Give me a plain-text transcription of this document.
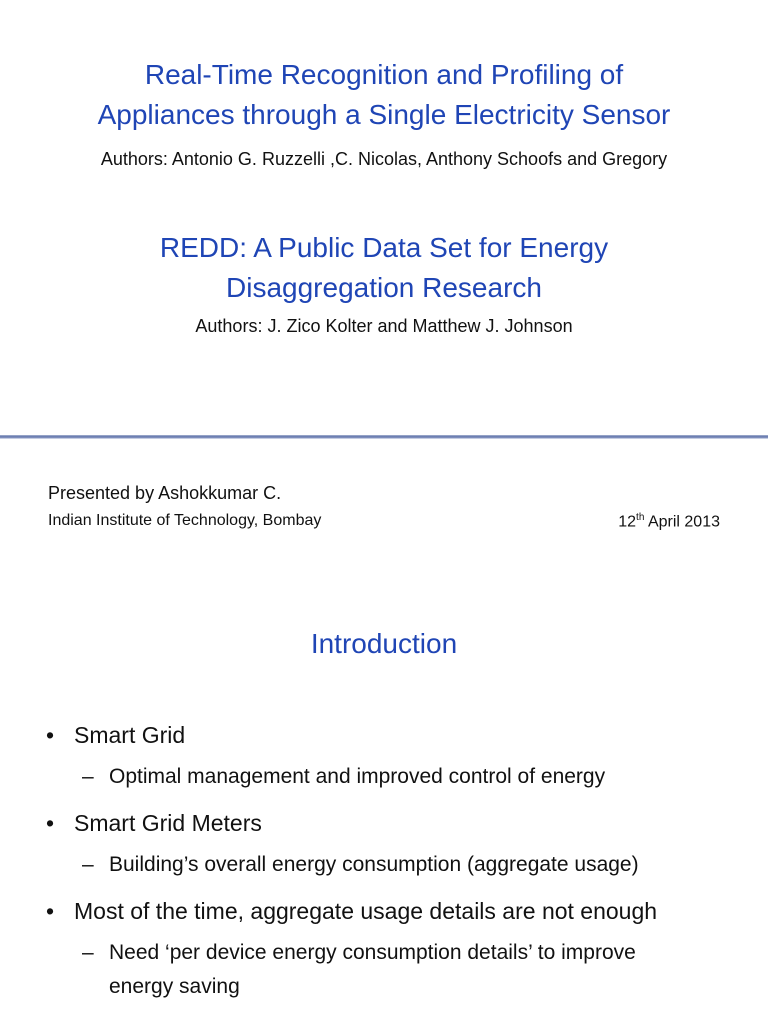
Real-Time Recognition and Profiling of
Appliances through a Single Electricity Sensor
Authors: Antonio G. Ruzzelli ,C. Nicolas, Anthony Schoofs and Gregory
REDD: A Public Data Set for Energy
Disaggregation Research
Authors: J. Zico Kolter and Matthew J. Johnson
Presented by Ashokkumar C.
Indian Institute of Technology, Bombay	12th April 2013
Introduction
• Smart Grid
– Optimal management and improved control of energy
• Smart Grid Meters
– Building’s overall energy consumption (aggregate usage)
• Most of the time, aggregate usage details are not enough
– Need ‘per device energy consumption details’ to improve
energy saving
